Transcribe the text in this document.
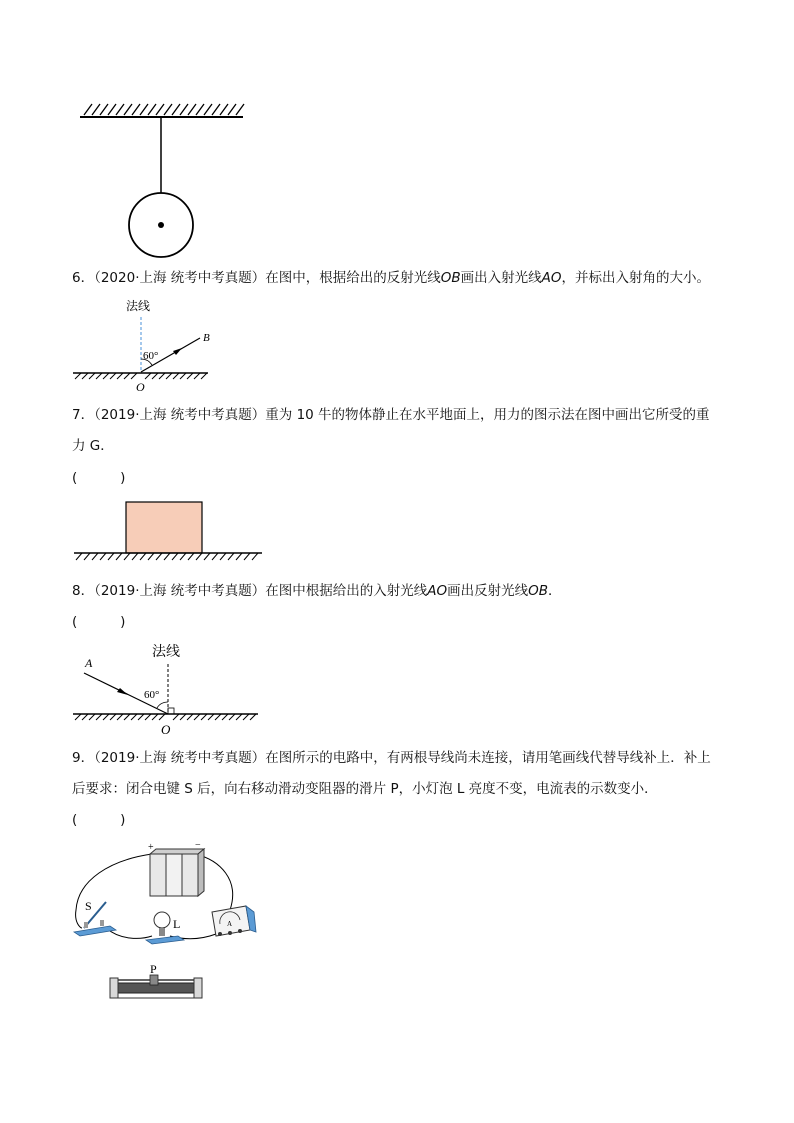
6．（2020·上海 统考中考真题）在图中，根据给出的反射光线OB画出入射光线AO，并标出入射角的大小。
法线
60°
B
O
7．（2019·上海 统考中考真题）重为 10 牛的物体静止在水平地面上，用力的图示法在图中画出它所受的重
力 G．
(          )
8．（2019·上海 统考中考真题）在图中根据给出的入射光线AO画出反射光线OB．
(          )
法线
A
60°
O
9．（2019·上海 统考中考真题）在图所示的电路中，有两根导线尚未连接，请用笔画线代替导线补上．补上
后要求：闭合电键 S 后，向右移动滑动变阻器的滑片 P，小灯泡 L 亮度不变，电流表的示数变小．
(          )
+	−
S
L	A
P
